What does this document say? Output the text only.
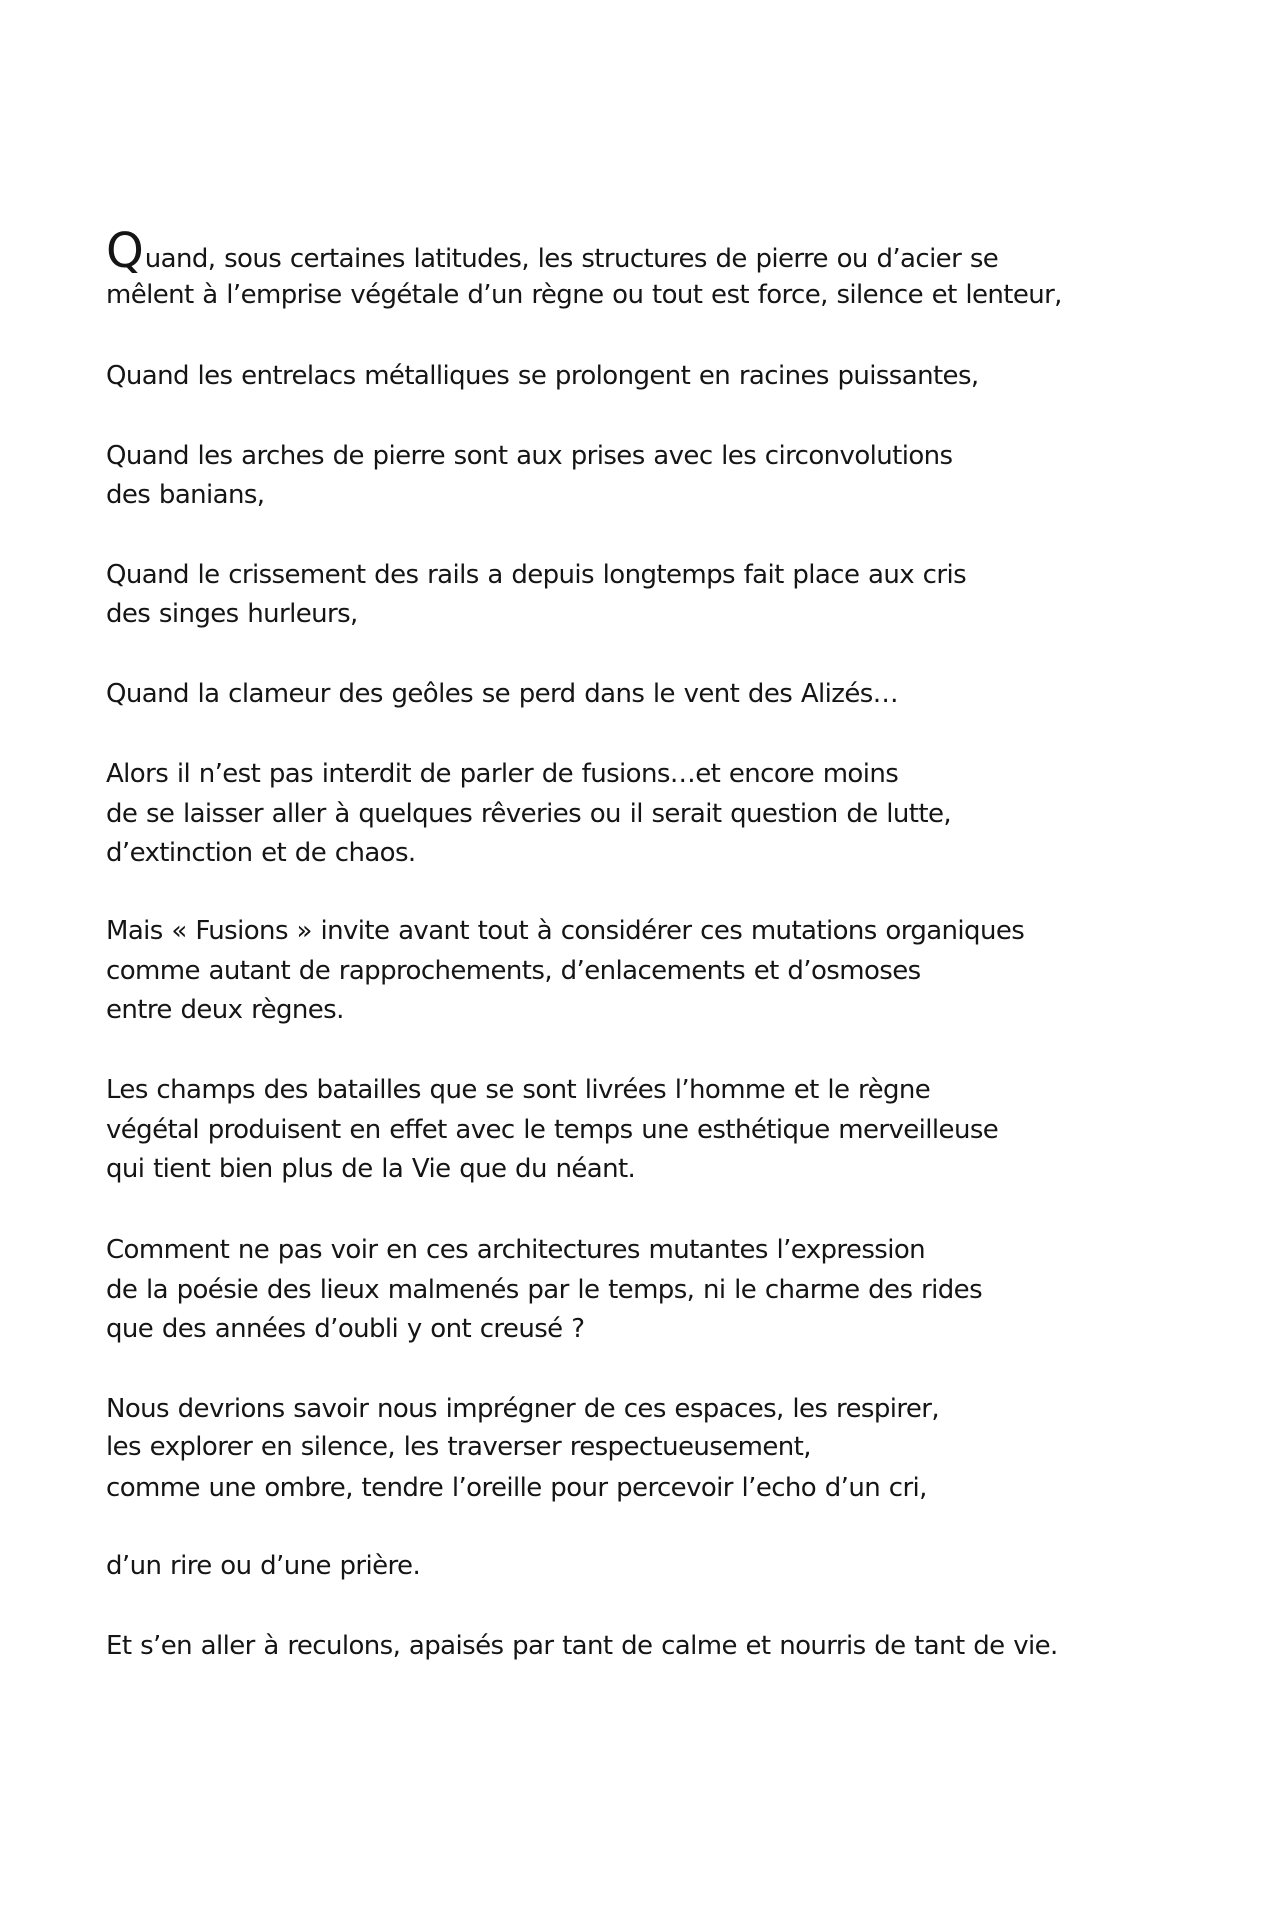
Quand, sous certaines latitudes, les structures de pierre ou d’acier se
mêlent à l’emprise végétale d’un règne ou tout est force, silence et lenteur,
Quand les entrelacs métalliques se prolongent en racines puissantes,
Quand les arches de pierre sont aux prises avec les circonvolutions
des banians,
Quand le crissement des rails a depuis longtemps fait place aux cris
des singes hurleurs,
Quand la clameur des geôles se perd dans le vent des Alizés…
Alors il n’est pas interdit de parler de fusions…et encore moins
de se laisser aller à quelques rêveries ou il serait question de lutte,
d’extinction et de chaos.
Mais « Fusions » invite avant tout à considérer ces mutations organiques
comme autant de rapprochements, d’enlacements et d’osmoses
entre deux règnes.
Les champs des batailles que se sont livrées l’homme et le règne
végétal produisent en effet avec le temps une esthétique merveilleuse
qui tient bien plus de la Vie que du néant.
Comment ne pas voir en ces architectures mutantes l’expression
de la poésie des lieux malmenés par le temps, ni le charme des rides
que des années d’oubli y ont creusé ?
Nous devrions savoir nous imprégner de ces espaces, les respirer,
les explorer en silence, les traverser respectueusement,
comme une ombre, tendre l’oreille pour percevoir l’echo d’un cri,
d’un rire ou d’une prière.
Et s’en aller à reculons, apaisés par tant de calme et nourris de tant de vie.
